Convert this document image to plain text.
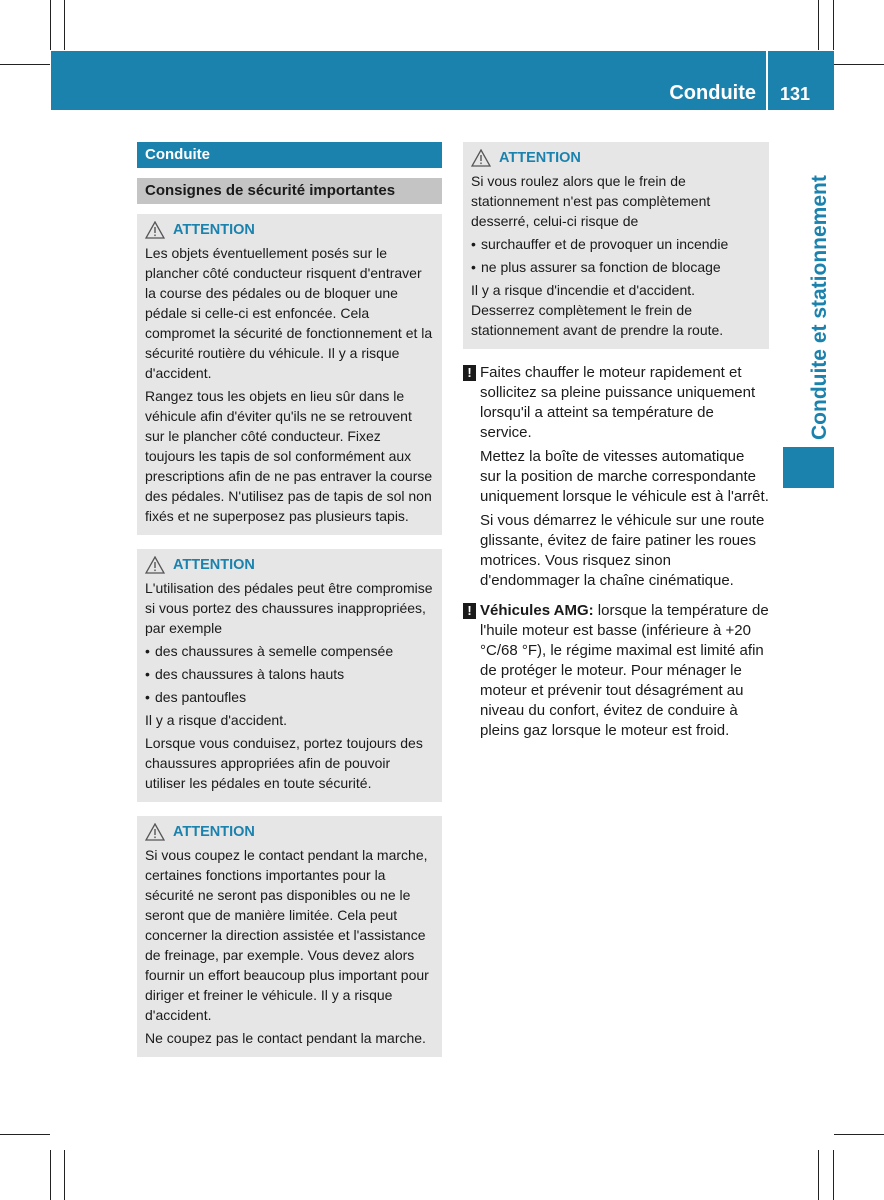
Conduite 131
Conduite et stationnement
Conduite
Consignes de sécurité importantes
ATTENTION

Les objets éventuellement posés sur le plancher côté conducteur risquent d'entraver la course des pédales ou de bloquer une pédale si celle-ci est enfoncée. Cela compromet la sécurité de fonctionnement et la sécurité routière du véhicule. Il y a risque d'accident.

Rangez tous les objets en lieu sûr dans le véhicule afin d'éviter qu'ils ne se retrouvent sur le plancher côté conducteur. Fixez toujours les tapis de sol conformément aux prescriptions afin de ne pas entraver la course des pédales. N'utilisez pas de tapis de sol non fixés et ne superposez pas plusieurs tapis.

ATTENTION

L'utilisation des pédales peut être compromise si vous portez des chaussures inappropriées, par exemple

• des chaussures à semelle compensée
• des chaussures à talons hauts
• des pantoufles

Il y a risque d'accident.

Lorsque vous conduisez, portez toujours des chaussures appropriées afin de pouvoir utiliser les pédales en toute sécurité.

ATTENTION

Si vous coupez le contact pendant la marche, certaines fonctions importantes pour la sécurité ne seront pas disponibles ou ne le seront que de manière limitée. Cela peut concerner la direction assistée et l'assistance de freinage, par exemple. Vous devez alors fournir un effort beaucoup plus important pour diriger et freiner le véhicule. Il y a risque d'accident.

Ne coupez pas le contact pendant la marche.

ATTENTION

Si vous roulez alors que le frein de stationnement n'est pas complètement desserré, celui-ci risque de

• surchauffer et de provoquer un incendie
• ne plus assurer sa fonction de blocage

Il y a risque d'incendie et d'accident. Desserrez complètement le frein de stationnement avant de prendre la route.

! Faites chauffer le moteur rapidement et sollicitez sa pleine puissance uniquement lorsqu'il a atteint sa température de service.

Mettez la boîte de vitesses automatique sur la position de marche correspondante uniquement lorsque le véhicule est à l'arrêt.

Si vous démarrez le véhicule sur une route glissante, évitez de faire patiner les roues motrices. Vous risquez sinon d'endommager la chaîne cinématique.

! Véhicules AMG: lorsque la température de l'huile moteur est basse (inférieure à +20 °C/68 °F), le régime maximal est limité afin de protéger le moteur. Pour ménager le moteur et prévenir tout désagrément au niveau du confort, évitez de conduire à pleins gaz lorsque le moteur est froid.
